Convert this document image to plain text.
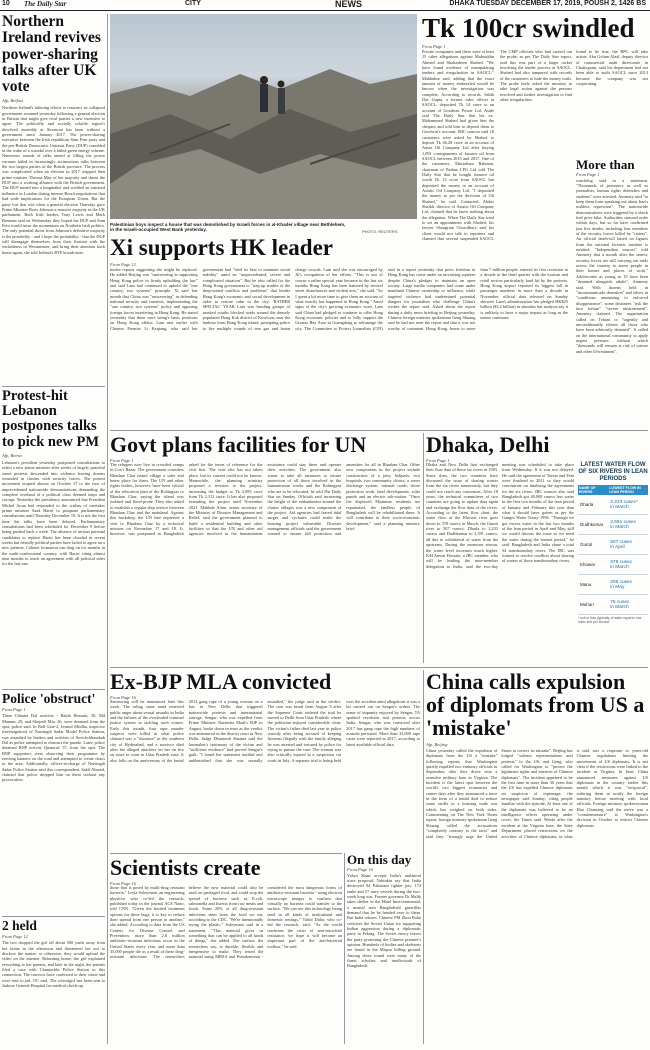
10 The Daily Star	CITY	NEWS	DHAKA TUESDAY DECEMBER 17, 2019, POUSH 2, 1426 BS
Northern Ireland revives power-sharing talks after UK vote
Afp, Belfast
Northern Ireland's faltering efforts to resurrect its collapsed government resumed yesterday following a general election in Britain that might give rival parties a new incentive to agree. The politically and socially volatile region's devolved assembly at Stormont has been without a government since January 2017. The power-sharing executive between the Irish republican Sinn Fein party and the pro-British Democratic Unionist Party (DUP) crumbled in the wake of a scandal over a failed green energy scheme. Numerous rounds of talks aimed at filling the power vacuum failed in increasingly acrimonious talks between the two largest parties of the British province. The process was complicated when an election in 2017 stripped then prime minister Theresa May of her majority and thrust the DUP into a working alliance with the British government. The DUP turned into a kingmaker and wielded an outsized influence in London during intense Brexit negotiations that had wide implications for the European Union. But the party lost that role when a general election Thursday gave Prime Minister Boris Johnson a massive majority in the UK parliament. Both Irish leaders Tony Lewis and Mark Brennan said on Wednesday they hoped the DUP and Sinn Fein would seize the momentum on Northern Irish politics. The only potential threat from Johnson's definitive majority is the possibility - and I hope the probability - that the DUP will disengage themselves from their fixation with the wickedness in Westminster, and bring their attention back home again, she told Ireland's RTE broadcaster.
Protest-hit Lebanon postpones talks to pick new PM
Afp, Beirut
Lebanon's president yesterday postponed consultations to select a new prime minister after weeks of largely peaceful street protests descended into violence leaving dozens wounded in clashes with security forces. The protest movement erupted almost on October 17 to the face of unprecedented nationwide demonstrations demanding the complete overhaul of a political class deemed inept and corrupt. Yesterday the presidency announced that President Michel Aoun had responded to the wishes of caretaker prime minister Saad Hariri to postpone parliamentary consultations until Thursday December 19. It is not the first time the talks have been delayed. Parliamentary consultations had been scheduled for December 9 before being pushed back a week. The absence of serious parental candidates to replace Hariri has been clouded in recent weeks but friendly political parties have failed to agree on a new premier. Cabinet formation can drag on for months in the multi-confessional country, with Hariri citing almost nine months to reach an agreement with all political sides for the last one.
Police 'obstruct'
From Page 1
Three Chhatra Dal activists - Rakib Hossain, 30, Md Mamun, 29, and Shojeeb Mia, 26, were detained from the spot, police said. In Ball Gate-2, Jesmul Mridha, inspector (investigation) of Narsingdi Sadar Model Police Station, was assaulted by leaders and activists of Swechchhasebak Dal as police attempted to obstruct the parade. Later, police detained BNP activist Quamrul, 37, from the spot. The BNP supporters were observing their programme by erecting banners on the road and attempted to create chaos in the area. Additionally, officer-in-charge of Narsingdi Sadar Police Station said this correspondent. Sakil Ahmed, claimed that police dropped him on them without any provocation.
2 held
From Page 12
The two dropped the girl off about 500 yards away from her home in the afternoon and threatened her not to disclose the matter, or otherwise, they would upload the video on the internet. Returning home, the girl explained everything to her parents, and later in the night, the parents filed a case with Chuniachhi Police Station in this connection. The convicts have confessed to their crime and were sent to jail, OC said. The schoolgirl has been sent to Jashore General Hospital for medical check-up.
Palestinian boys inspect a house that was demolished by Israeli forces in al-Khader village near Bethlehem, in the Israeli-occupied West Bank yesterday.	PHOTO: REUTERS
Tk 100cr swindled
From Page 1
Private companies and there were at least 15 other allegations against Mohiuddin Ahmed and Shahzabeen Shahed. "We have found evidence of manipulating tenders and irregularities in SAOCL," Mahbubur said, adding that the exact amount of money embezzled would be known when the investigation was complete. According to records, Sahib Das Gupta, a former sales officer at SAOCL, deposited Tk 14 crore to an account of Goodwin Power Ltd. Aside said The Daily Star that his ex-Mohammed Shahed had given him the cheques and told him to deposit them to Goodwin's account. IMC sources said 18 customers were asked by Shahed to deposit Tk 46.28 crore in an account of Aasra Oil Company Ltd after buying 1,091 consignments of furnace oil from SAOCL between 2015 and 2017. One of the customers, Mustafizur Rahman, chairman of Padma LPG Ltd told The Daily Star that he bought furnace oil worth Tk 13 crore from SAOCL but deposited the money to an account of Asiatic Oil Company Ltd. "I deposited the money as per the direction of Oil Shahed," he said. Contacted, Abdus Shaikh, director of Asiatic Oil Company Ltd, claimed that he knew nothing about the allegation. When The Daily Star tried to set an appointment with Shahed, his lawyer Shongram Chowdhury said his client would not talk to reporters and claimed that several suspended SAOCL
The CMP officials who had carried out the probe, as per The Daily Star report, said this was part of a larger racket involving the tender process at SAOCL. Shahed had also tampered with records of the customers to hide the money trails. The probe body asked the ministry to take legal action against the persons involved and further investigation to find other irregularities.
found to be true, the BPC will take action. Abu Golam Alaal, deputy director of commercial audit directorate in Chattogram, said his department had not been able to audit SAOCL since 2013 because the company was not cooperating.
More than
From Page 1
watchdog said in a statement. "Thousands of protesters as well as journalists, human rights defenders and students" were arrested. Amnesty said "to keep them from speaking out about Iran's ruthless repression". The nationwide demonstrations were triggered by a shock fuel price hike. Authorities stressed order within days, but so far have confirmed just five deaths, including four members of the security forces killed by "rioters". An official death-toll based on figures from the national forensic institute is awaited. "Independent sources" told Amnesty that a month after the unrest, security forces are still carrying out raids across the country to arrest people in their homes and places of work." Adolescents as young as 15 have been "detained alongside adults", Amnesty said. With dozens held in "incommunicado detention" and others in "conditions amounting to enforced disappearance", some detainees "risk the face torture" "severe mistreatment", Amnesty claimed. The organisation called on Tehran to "urgently and unconditionally release all those who have been arbitrarily detained". It called on the international community to apply urgent pressure, without which "thousands will remain at risk of torture and other ill-treatment".
Xi supports HK leader
From Page 12
media reports suggesting she might be replaced. He added Beijing was "unwavering in supporting Hong Kong police in firmly upholding the law" and said Lam had continued to uphold the "one country, two systems" principle. Xi said last month that China was "unwavering" in defending national security and interests, implementing the "one country, two systems" policy and opposing foreign forces interfering in Hong Kong. He stated yesterday that there were being's basic positions on Hong Kong affairs. Lam met earlier with Chinese Premier Li Keqiang, who said her government had "tried its best to maintain social stability" amid an "unprecedented, severe and complicated situation". But he also called for the Hong Kong government to "step up studies of the deep-seated conflicts and problems" that hinder Hong Kong's economic and social development in order to restore calm to the city. 'RATHER SPECIAL' YEAR Lam was heading groups of masked youths blocked roads around the densely populated Hong Kok district of Kowloon, near the harbour from Hong Kong island, prompting police to fire multiple rounds of tear gas and baton charge crowds. Lam said she was encouraged by Xi's recognition of her efforts. "This is not of course a rather special year because in the last six months Hong Kong has been battered by several street disturbances and violent acts," she said. "So I spent a bit more time to give them an account of what exactly has happened in Hong Kong." Amid signs of the city's growing economic woes, Lam said China had pledged to continue to offer Hong Kong economic policies and to fully support the Greater Bay Area in Guangdong to advantage the city. The Committee to Protect Journalists (CPJ) said in a report yesterday that press freedom in Hong Kong has come under an increasing squeeze despite China's pledges to maintain an open society. Large media companies had come under mainland Chinese ownership or influence, while targeted violence had undermined potential dangers for journalists who challenge China's wishes the report said. Asked about the report during a daily news briefing in Beijing yesterday, Chinese foreign minister spokesman Geng Shuang said he had not seen the report and that it was not worthy of comment. Hong Kong, home to more than 7 million people, entered its first recession in a decade in the third quarter with the tourism and retail sectors particularly hard hit by the protests. Hong Kong airport reported its biggest fall in passenger numbers in more than a decade in November, official data released on Sunday showed. Lam's administration has pledged HK$25 billion ($3.2 billion) in stimulus but analysts say it is unlikely to have a major impact as long as the unrest continues.
Govt plans facilities for UN
From Page 1
The refugees now live in crowded camps in Cox's Bazar. The government considers Bhashan Char island village a safer and better place for them. The UN and other rights bodies, however, have been critical of the relocation plan of the Rohingyas to Bhashan Char, saying the island was isolated and flood-prone. They also asked to establish a regular ship service between Bhashan Char and the mainland. Against this backdrop, the UN had requested a visit to Bhashan Char by a technical mission on November 17 and 18. It, however, was postponed as Bangladesh asked for the terms of reference for the visit first. The visit also has not taken place, but its current could not be known. Meanwhile, the planning ministry proposed a revision to the project, increasing the budget to Tk 3,095 crore from Tk 2,312 crore. It has also proposed extending the project until November 2021. Mahbub Alam, senior secretary of the Ministry of Disaster Management and Relief, said the government planned to build a residential building and other facilities so that the UN and other aid agencies involved in the humanitarian assistance could stay there and operate their activities. The government also wants to take all measures to ensure protection of all those involved in the humanitarian works and the Rohingyas who are to be relocated, he told The Daily Star on Sunday. Officials said increasing the height of the embankment around the cluster villages was a new component of the project. Aid agencies had feared tidal surges and cyclones could make the housing project vulnerable. Disaster management officials said the government wanted to ensure full protection and amenities for all in Bhashan Char. Other new components in the project include construction of a jetty, helipads, two hospitals, two community clinics, a water discharge system, internal roads, shore protection work, land development, solar panels and an electric sub-station. "Once the displaced Myanmar residents are repatriated, the landless people of Bangladesh will be rehabilitated there. It will contribute to their socio-economic development," said a planning ministry brief.
Dhaka, Delhi
From Page 1
Dhaka and New Delhi first exchanged their flow data of these six rivers in 1983. Since then, the two countries have discussed the issue of sharing waters from the six rivers numerously, but they could not reach any consensus. After 18 years, the technical committees of two countries are going to update data again and exchange the flow data of the rivers. According to the latest flow chart, the water flow of the Khowai river goes down to 378 cusecs in March, the Gumti river to 507 cusecs, Dharla to 2,233 cusecs and Dudhkumar to 2,591 cusecs, all due to withdrawal of water from the upstream. During the monsoon season, the water level increases much higher. KM Anwar Hossain, a JRC member, who will be leading the nine-member delegation to India, said the two-day meeting was scheduled to take place from Wednesday. If it was not delayed. He said the agreement of Teesta and Feni were finalised in 2011 so they would concentrate on finalising the agreements for the six rivers. JRC sources also said Bangladesh got 40,000 cusecs less water in the first two months of the lean period of January and February this year than what it should have gotten as per the Ganges Water Treaty 1996. "Through we got excess water in the last two months of the lean period in April and May, still we would discuss the issue as we need the water during the leanest period," he said. Bangladesh and India share a total 54 transboundary rivers. The JRC was formed to resolve conflicts about sharing of waters of those transboundary rivers.
LATEST WATER FLOW OF SIX RIVERS IN LEAN PERIODS
NAME OF RIVERS	LOWEST FLOW IN LEAN PERIOD
Dharla	2,233 cusec*
in March
Dudhkumar	2,591 cusec
in March
Gumti	507 cusec
in April
Khowai	378 cusec
in March
Manu	205 cusec
in May
Muhuri	75 cusec
in March
* unit of flow (typically of water equal to one cubic foot per second
Ex-BJP MLA convicted
From Page 16
Sentencing will be announced later this week. The ruling came amid renewed public anger about sexual assaults in India and the failures of the overloaded criminal justice system in tackling such crimes. Early this month, four rape murder suspects were killed in what police claimed was a "shootout" in the southern city of Hyderabad, and a survivor died after her alleged attackers set her on fire on route to court in Uttar Pradesh state. It also falls on the anniversary of the brutal 2012 gang rape of a young woman on a bus in New Delhi that triggered nationwide protests and international outrage. Sengar, who was expelled from Prime Minister Narendra Modi's BJP in August, broke down in tears as the verdict was announced in the district court in New Delhi. Judge Dharmesh Sharma said the lawmaker's testimony of the victim and "sufficient evidence" had proved Sengar's guilt. "I found her statement truthful and unblemished that she was sexually assaulted," the judge said in the verdict. The case was heard from August 5 after the Supreme Court ordered the trial be moved to Delhi from Uttar Pradesh, where the politician enjoyed considerable clout. The victim's father died last year in police custody after being accused of keeping firearms illegally with the family alleging he was arrested and tortured by police for trying to pursue the case. The woman was also critically injured in a suspicious car crash in July. A separate trial is being held over the accident amid allegations it was a hit carried out on Sengar's orders. The sense of impunity enjoyed by Sengar, TA sparked revulsion and protests across India. Sengar, who was convicted after 2017 bus gang rape the high numbers of assaults persisted. More than 33,000 rape cases were reported in 2017, according to latest available official data.
China calls expulsion of diplomats from US a 'mistake'
Afp, Beijing
China yesterday called the expulsion of diplomats from the US a "mistake" following reports that Washington quietly expelled two embassy officials in September, after they drove onto a sensitive military base in Virginia. The incident is the latest spat between the world's two biggest economies and comes days after they announced a truce in the form of a initial deal to reduce some tariffs in a bruising trade war which has weighed on both sides. Commenting on The New York Times report, foreign ministry spokesman Geng Shuang called the accusations "completely contrary to the facts" and said they "strongly urge the United States to correct its mistake". Beijing has lodged "solemn representations and protests" to the US, and Geng, who called for Washington to "protect the legitimate rights and interests of Chinese diplomats". The incident appeared to be the first time in more than 30 years that the US has expelled Chinese diplomats on suspicion of espionage, the newspaper said Sunday, citing people familiar with the episode. At least one of the diplomats was believed to be an intelligence officer operating under cover, the Times said. Weeks after the incident at the Virginia base, the State Department placed restrictions on the activities of Chinese diplomats, in what it said was a response to years-old Chinese regulations limiting the movements of US diplomats. It is not clear if the restrictions were linked to the incident in Virginia. In June, China announced measures against US diplomats in the country earlier this month which it was "reciprocal", ordering them to notify the foreign ministry before meeting with local officials. Foreign ministry spokeswoman Hua Chunying said the move was a "countermeasure" to Washington's decision in October to restrict Chinese diplomats.
Scientists create
From Page 16
those that is posed by multi-drug resistant bacteria," Leyla Soleymani, an engineering physicist who co-led the research, published today in the journal ACS Nano, told CNN. "Given the limited treatment options for these bugs, it is key to reduce their spread from one person to another," she added. According to data from the US Centers for Disease Control and Prevention, more than 2.8 million antibiotic-resistant infections occur in the United States every year, and more than 35,000 people die as a result of these drug-resistant infections. The researchers believe the new material could also be used on packaged food, and could stop the spread of bacteria such as E.coli, salmonella and listeria from raw meats and foods. Some 20% of all drug-resistant infections stem from the food we eat, according to the CDC. "We're intentionally trying the plastic," Soleymani said in a statement. "This material gives us something that can be applied to all kinds of things," she added. The surface, the researchers say, is durable, flexible and inexpensive to make. They tested the material using MRSA and Pseudomonas - considered the most dangerous forms of antibiotic-resistant bacteria - using electron microscope images to confirm that virtually no bacteria could transfer to the surface. "We can see this technology being used in all kinds of institutional and domestic settings," Tohid Didar, who co-led the research, said. "As the world confronts the crisis of anti-microbial resistance, we hope it will become an important part of the anti-bacterial toolbox," he said.
On this day
From Page 16
Yahya Khan accepts India's unilateral truce proposal. Yahinkin say that India destroyed 94 Pakistani fighter jets, 174 tanks and 57 navy vessels during the two-week long war. Former governor Dr Malik takes shelter in the Hotel Intercontinental, a neutral area Bangladeshi guerrillas demand that he be handed over to them. But India refuses. Chinese PM Zhou Enlai criticises the Soviet Union for supporting Indian aggression during a diplomatic party in Peking. The Soviet envoy leaves the party protesting the Chinese premier's opinion. Hundreds of bodies and skeletons are found in the Mirpur killing ground. Among those found were many of the finest scholars and intellectuals of Bangladesh.
